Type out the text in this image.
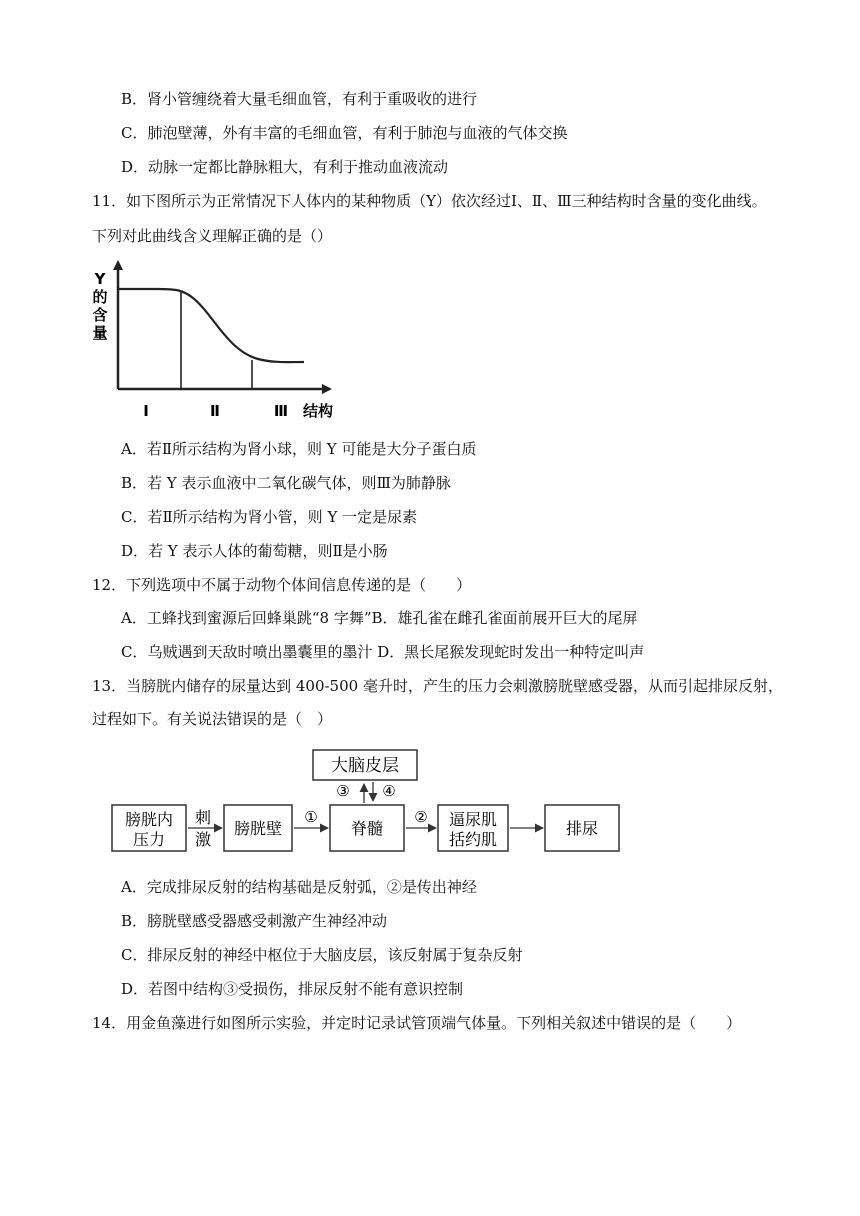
B．肾小管缠绕着大量毛细血管，有利于重吸收的进行
C．肺泡壁薄，外有丰富的毛细血管，有利于肺泡与血液的气体交换
D．动脉一定都比静脉粗大，有利于推动血液流动
11．如下图所示为正常情况下人体内的某种物质（Y）依次经过Ⅰ、Ⅱ、Ⅲ三种结构时含量的变化曲线。
下列对此曲线含义理解正确的是（）
Y
的
含
量
Ⅰ	Ⅱ	Ⅲ 结构
A．若Ⅱ所示结构为肾小球，则 Y 可能是大分子蛋白质
B．若 Y 表示血液中二氧化碳气体，则Ⅲ为肺静脉
C．若Ⅱ所示结构为肾小管，则 Y 一定是尿素
D．若 Y 表示人体的葡萄糖，则Ⅱ是小肠
12．下列选项中不属于动物个体间信息传递的是（　　）
A．工蜂找到蜜源后回蜂巢跳“8 字舞”B．雄孔雀在雌孔雀面前展开巨大的尾屏
C．乌贼遇到天敌时喷出墨囊里的墨汁 D．黑长尾猴发现蛇时发出一种特定叫声
13．当膀胱内储存的尿量达到 400-500 毫升时，产生的压力会刺激膀胱壁感受器，从而引起排尿反射，
过程如下。有关说法错误的是（　）
大脑皮层
③ ④
膀胱内
压力
刺
激
膀胱壁
①
脊髓
② 逼尿肌
括约肌
排尿
A．完成排尿反射的结构基础是反射弧，②是传出神经
B．膀胱壁感受器感受刺激产生神经冲动
C．排尿反射的神经中枢位于大脑皮层，该反射属于复杂反射
D．若图中结构③受损伤，排尿反射不能有意识控制
14．用金鱼藻进行如图所示实验，并定时记录试管顶端气体量。下列相关叙述中错误的是（　　）
